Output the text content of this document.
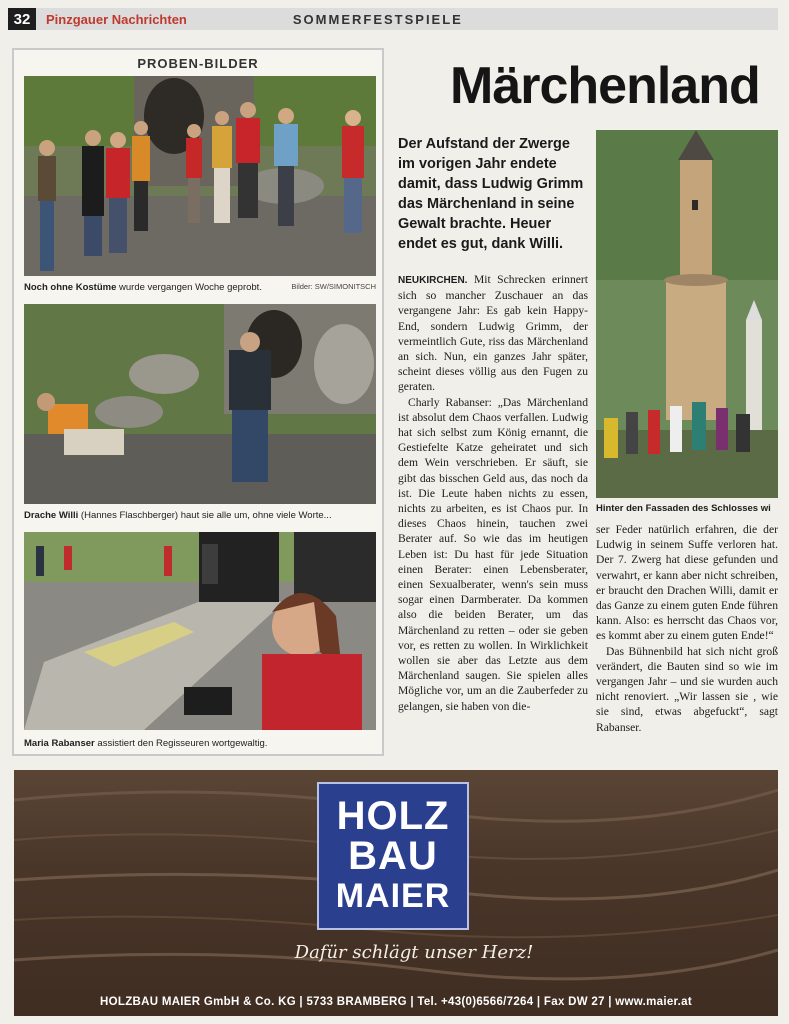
32	Pinzgauer Nachrichten	SOMMERFESTSPIELE
PROBEN-BILDER
Noch ohne Kostüme wurde vergangen Woche geprobt.	Bilder: SW/SIMONITSCH
Drache Willi (Hannes Flaschberger) haut sie alle um, ohne viele Worte...
Maria Rabanser assistiert den Regisseuren wortgewaltig.
Märchenland
Der Aufstand der Zwerge im vorigen Jahr endete damit, dass Ludwig Grimm das Märchenland in seine Gewalt brachte. Heuer endet es gut, dank Willi.

NEUKIRCHEN. Mit Schrecken erinnert sich so mancher Zuschauer an das vergangene Jahr: Es gab kein Happy-End, sondern Ludwig Grimm, der vermeintlich Gute, riss das Märchenland an sich. Nun, ein ganzes Jahr später, scheint dieses völlig aus den Fugen zu geraten.

Charly Rabanser: „Das Märchenland ist absolut dem Chaos verfallen. Ludwig hat sich selbst zum König ernannt, die Gestiefelte Katze geheiratet und sich dem Wein verschrieben. Er säuft, sie gibt das bisschen Geld aus, das noch da ist. Die Leute haben nichts zu essen, nichts zu arbeiten, es ist Chaos pur. In dieses Chaos hinein, tauchen zwei Berater auf. So wie das im heutigen Leben ist: Du hast für jede Situation einen Berater: einen Lebensberater, einen Sexualberater, wenn's sein muss sogar einen Darmberater. Da kommen also die beiden Berater, um das Märchenland zu retten – oder sie geben vor, es retten zu wollen. In Wirklichkeit wollen sie aber das Letzte aus dem Märchenland saugen. Sie spielen alles Mögliche vor, um an die Zauberfeder zu gelangen, sie haben von die-

Hinter den Fassaden des Schlosses wi

ser Feder natürlich erfahren, die der Ludwig in seinem Suffe verloren hat. Der 7. Zwerg hat diese gefunden und verwahrt, er kann aber nicht schreiben, er braucht den Drachen Willi, damit er das Ganze zu einem guten Ende führen kann. Also: es herrscht das Chaos vor, es kommt aber zu einem guten Ende!“

Das Bühnenbild hat sich nicht groß verändert, die Bauten sind so wie im vergangen Jahr – und sie wurden auch nicht renoviert. „Wir lassen sie , wie sie sind, etwas abgefuckt“, sagt Rabanser.

HOLZ
BAU
MAIER
Dafür schlägt unser Herz!
HOLZBAU MAIER GmbH & Co. KG | 5733 BRAMBERG | Tel. +43(0)6566/7264 | Fax DW 27 | www.maier.at
